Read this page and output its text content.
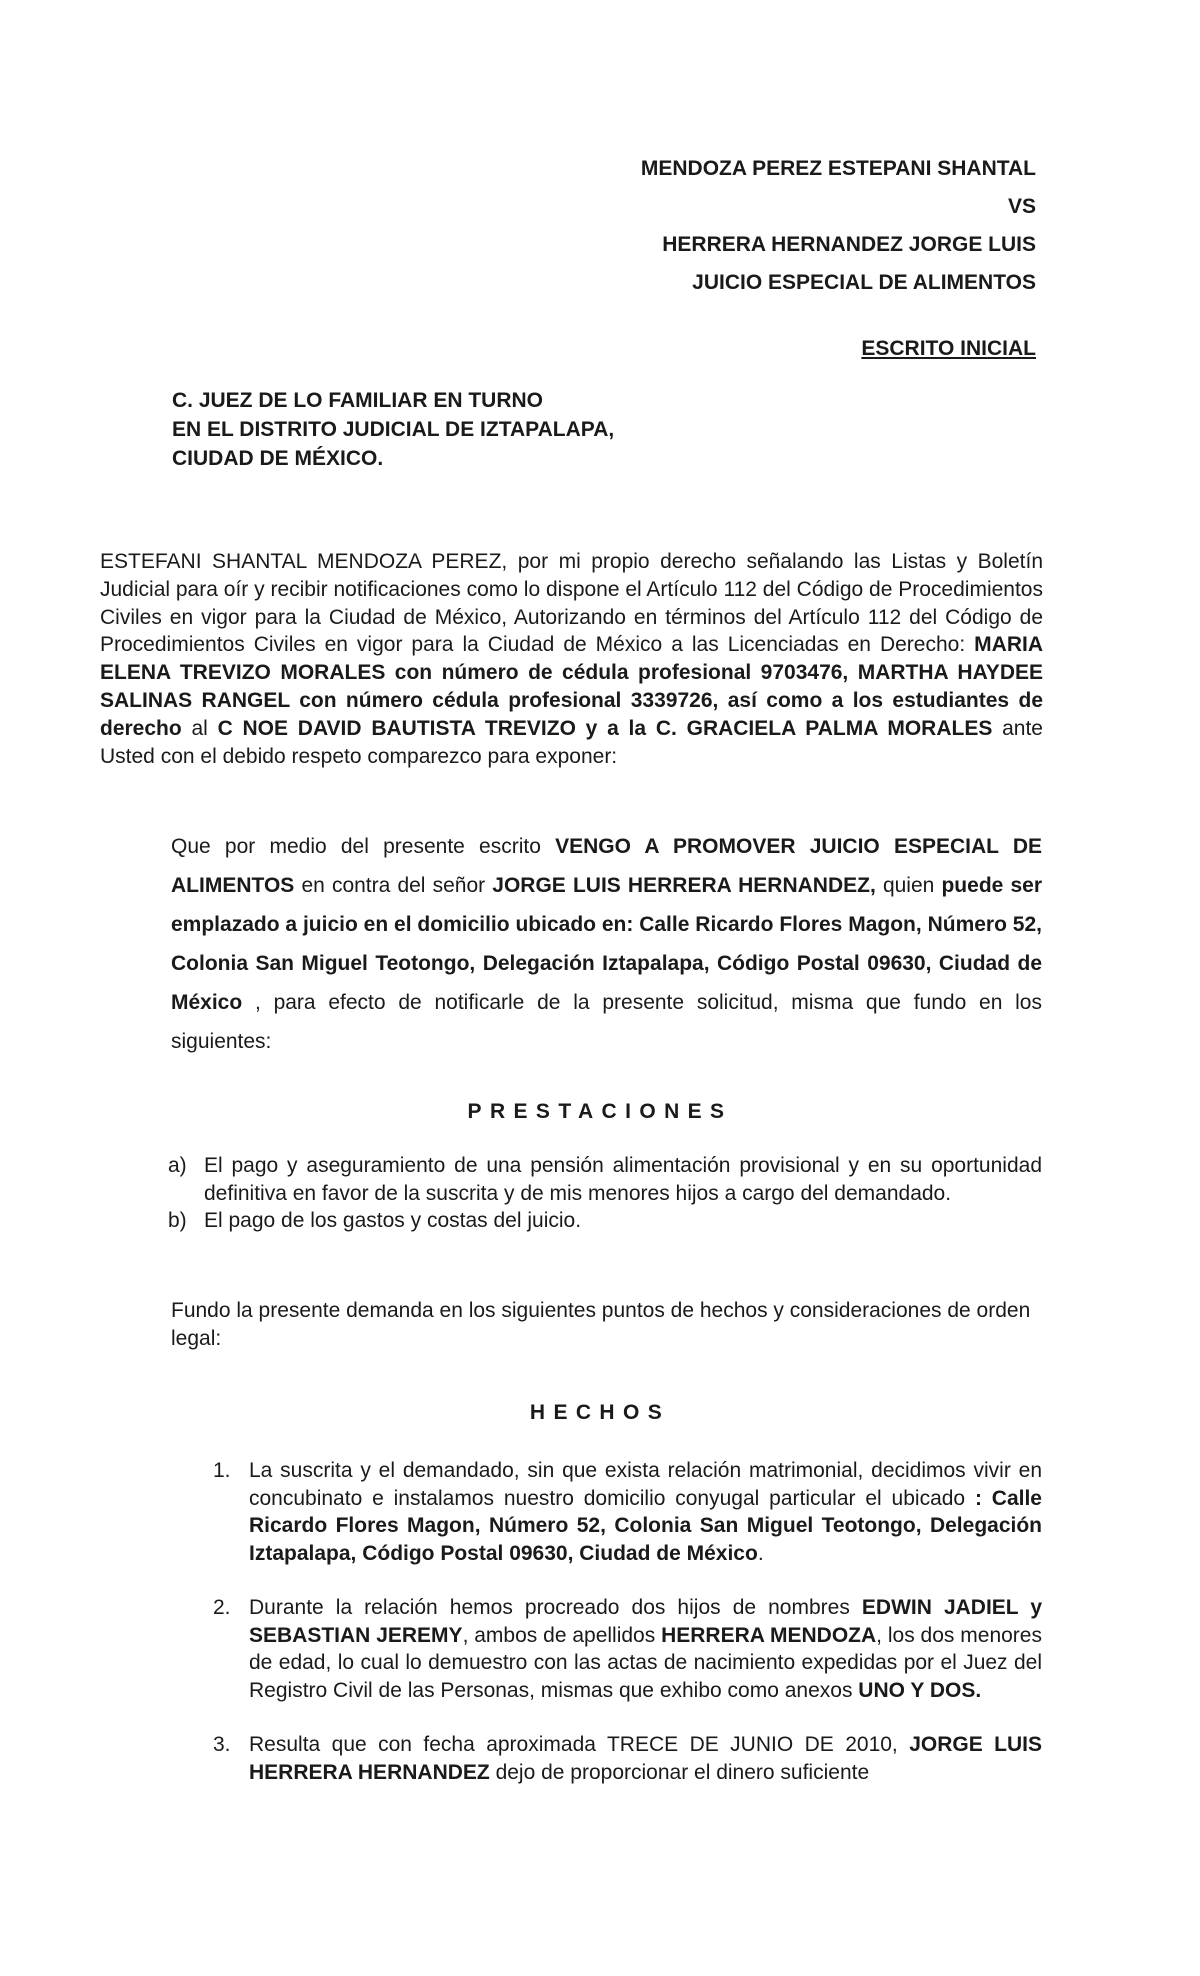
MENDOZA PEREZ ESTEPANI SHANTAL
VS
HERRERA HERNANDEZ JORGE LUIS
JUICIO ESPECIAL DE ALIMENTOS
ESCRITO INICIAL
C. JUEZ DE LO FAMILIAR EN TURNO
EN EL DISTRITO JUDICIAL DE IZTAPALAPA,
CIUDAD DE MÉXICO.
ESTEFANI SHANTAL MENDOZA PEREZ, por mi propio derecho señalando las Listas y Boletín Judicial para oír y recibir notificaciones como lo dispone el Artículo 112 del Código de Procedimientos Civiles en vigor para la Ciudad de México, Autorizando en términos del Artículo 112 del Código de Procedimientos Civiles en vigor para la Ciudad de México a las Licenciadas en Derecho: MARIA ELENA TREVIZO MORALES con número de cédula profesional 9703476, MARTHA HAYDEE SALINAS RANGEL con número cédula profesional 3339726, así como a los estudiantes de derecho al C NOE DAVID BAUTISTA TREVIZO y a la C. GRACIELA PALMA MORALES ante Usted con el debido respeto comparezco para exponer:
Que por medio del presente escrito VENGO A PROMOVER JUICIO ESPECIAL DE ALIMENTOS en contra del señor JORGE LUIS HERRERA HERNANDEZ, quien puede ser emplazado a juicio en el domicilio ubicado en: Calle Ricardo Flores Magon, Número 52, Colonia San Miguel Teotongo, Delegación Iztapalapa, Código Postal 09630, Ciudad de México , para efecto de notificarle de la presente solicitud, misma que fundo en los siguientes:
PRESTACIONES
a) El pago y aseguramiento de una pensión alimentación provisional y en su oportunidad definitiva en favor de la suscrita y de mis menores hijos a cargo del demandado.
b) El pago de los gastos y costas del juicio.
Fundo la presente demanda en los siguientes puntos de hechos y consideraciones de orden legal:
HECHOS
1. La suscrita y el demandado, sin que exista relación matrimonial, decidimos vivir en concubinato e instalamos nuestro domicilio conyugal particular el ubicado : Calle Ricardo Flores Magon, Número 52, Colonia San Miguel Teotongo, Delegación Iztapalapa, Código Postal 09630, Ciudad de México.
2. Durante la relación hemos procreado dos hijos de nombres EDWIN JADIEL y SEBASTIAN JEREMY, ambos de apellidos HERRERA MENDOZA, los dos menores de edad, lo cual lo demuestro con las actas de nacimiento expedidas por el Juez del Registro Civil de las Personas, mismas que exhibo como anexos UNO Y DOS.
3. Resulta que con fecha aproximada TRECE DE JUNIO DE 2010, JORGE LUIS HERRERA HERNANDEZ dejo de proporcionar el dinero suficiente
